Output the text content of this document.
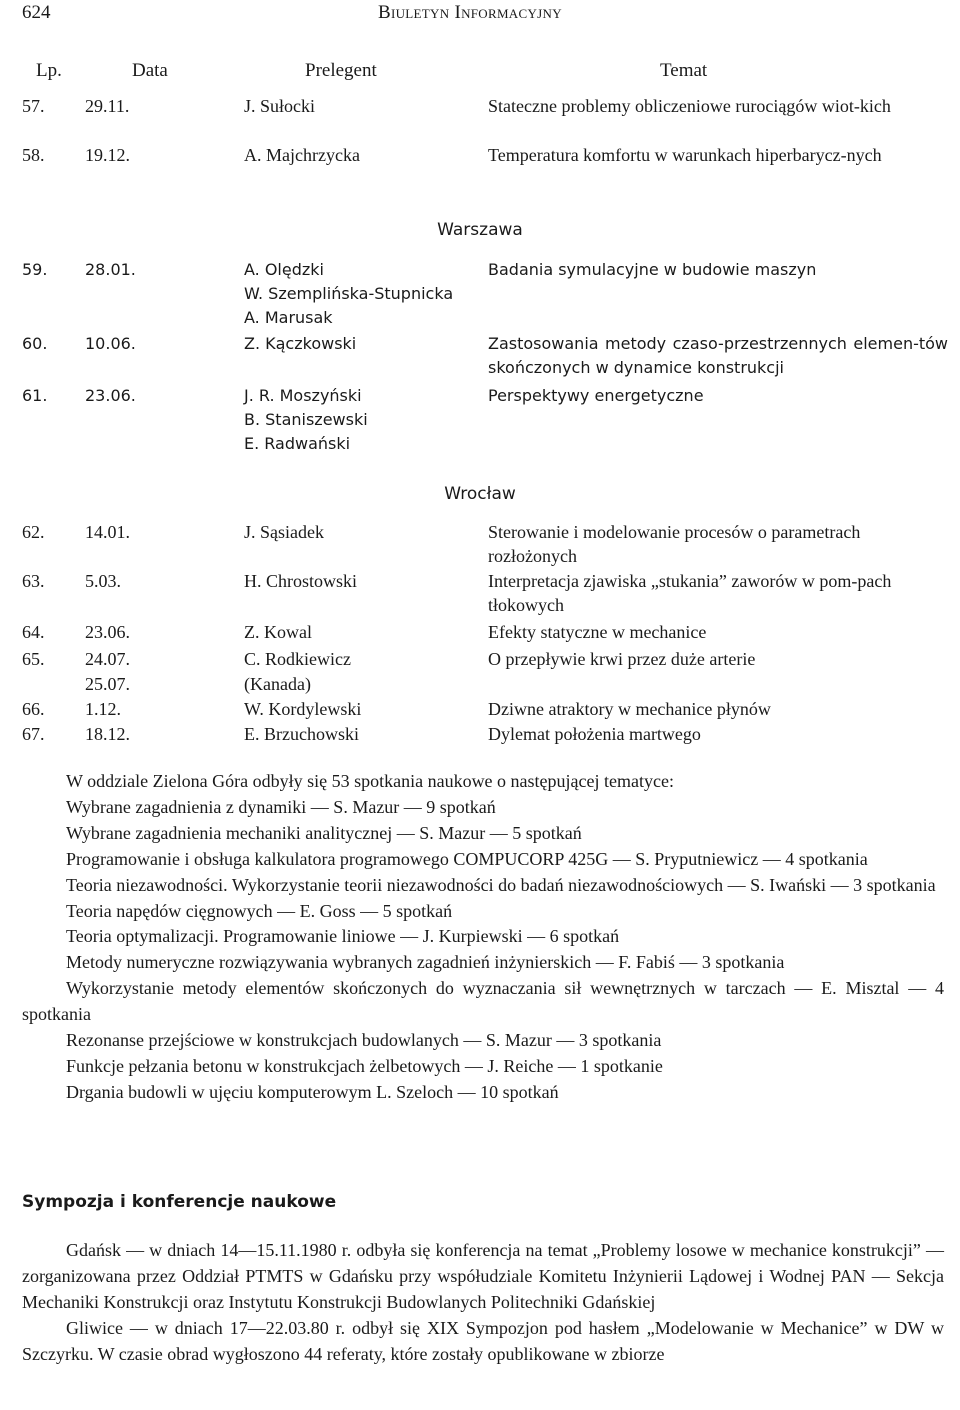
624	Biuletyn Informacyjny
Lp.	Data	Prelegent	Temat
57. 29.11.	J. Sułocki	Stateczne problemy obliczeniowe rurociągów wiot-kich
58. 19.12.	A. Majchrzycka	Temperatura komfortu w warunkach hiperbarycz-nych
Warszawa
59. 28.01.	A. Olędzki	Badania symulacyjne w budowie maszyn
W. Szemplińska-Stupnicka
A. Marusak
60. 10.06.	Z. Kączkowski	Zastosowania metody czaso-przestrzennych elemen-tów skończonych w dynamice konstrukcji
61. 23.06.	J. R. Moszyński	Perspektywy energetyczne
B. Staniszewski
E. Radwański
Wrocław
62. 14.01.	J. Sąsiadek	Sterowanie i modelowanie procesów o parametrach rozłożonych
63. 5.03.	H. Chrostowski	Interpretacja zjawiska „stukania” zaworów w pom-pach tłokowych
64. 23.06.	Z. Kowal	Efekty statyczne w mechanice
65. 24.07.	C. Rodkiewicz	O przepływie krwi przez duże arterie
25.07.	(Kanada)
66. 1.12.	W. Kordylewski	Dziwne atraktory w mechanice płynów
67. 18.12.	E. Brzuchowski	Dylemat położenia martwego

W oddziale Zielona Góra odbyły się 53 spotkania naukowe o następującej tematyce:

Wybrane zagadnienia z dynamiki — S. Mazur — 9 spotkań

Wybrane zagadnienia mechaniki analitycznej — S. Mazur — 5 spotkań

Programowanie i obsługa kalkulatora programowego COMPUCORP 425G — S. Pryputniewicz — 4 spotkania

Teoria niezawodności. Wykorzystanie teorii niezawodności do badań niezawodnościowych — S. Iwański — 3 spotkania

Teoria napędów cięgnowych — E. Goss — 5 spotkań

Teoria optymalizacji. Programowanie liniowe — J. Kurpiewski — 6 spotkań

Metody numeryczne rozwiązywania wybranych zagadnień inżynierskich — F. Fabiś — 3 spotkania

Wykorzystanie metody elementów skończonych do wyznaczania sił wewnętrznych w tarczach — E. Misztal — 4 spotkania

Rezonanse przejściowe w konstrukcjach budowlanych — S. Mazur — 3 spotkania

Funkcje pełzania betonu w konstrukcjach żelbetowych — J. Reiche — 1 spotkanie

Drgania budowli w ujęciu komputerowym L. Szeloch — 10 spotkań

Sympozja i konferencje naukowe

Gdańsk — w dniach 14—15.11.1980 r. odbyła się konferencja na temat „Problemy losowe w mechanice konstrukcji” — zorganizowana przez Oddział PTMTS w Gdańsku przy współudziale Komitetu Inżynierii Lądowej i Wodnej PAN — Sekcja Mechaniki Konstrukcji oraz Instytutu Konstrukcji Budowlanych Politechniki Gdańskiej

Gliwice — w dniach 17—22.03.80 r. odbył się XIX Sympozjon pod hasłem „Modelowanie w Mechanice” w DW w Szczyrku. W czasie obrad wygłoszono 44 referaty, które zostały opublikowane w zbiorze
